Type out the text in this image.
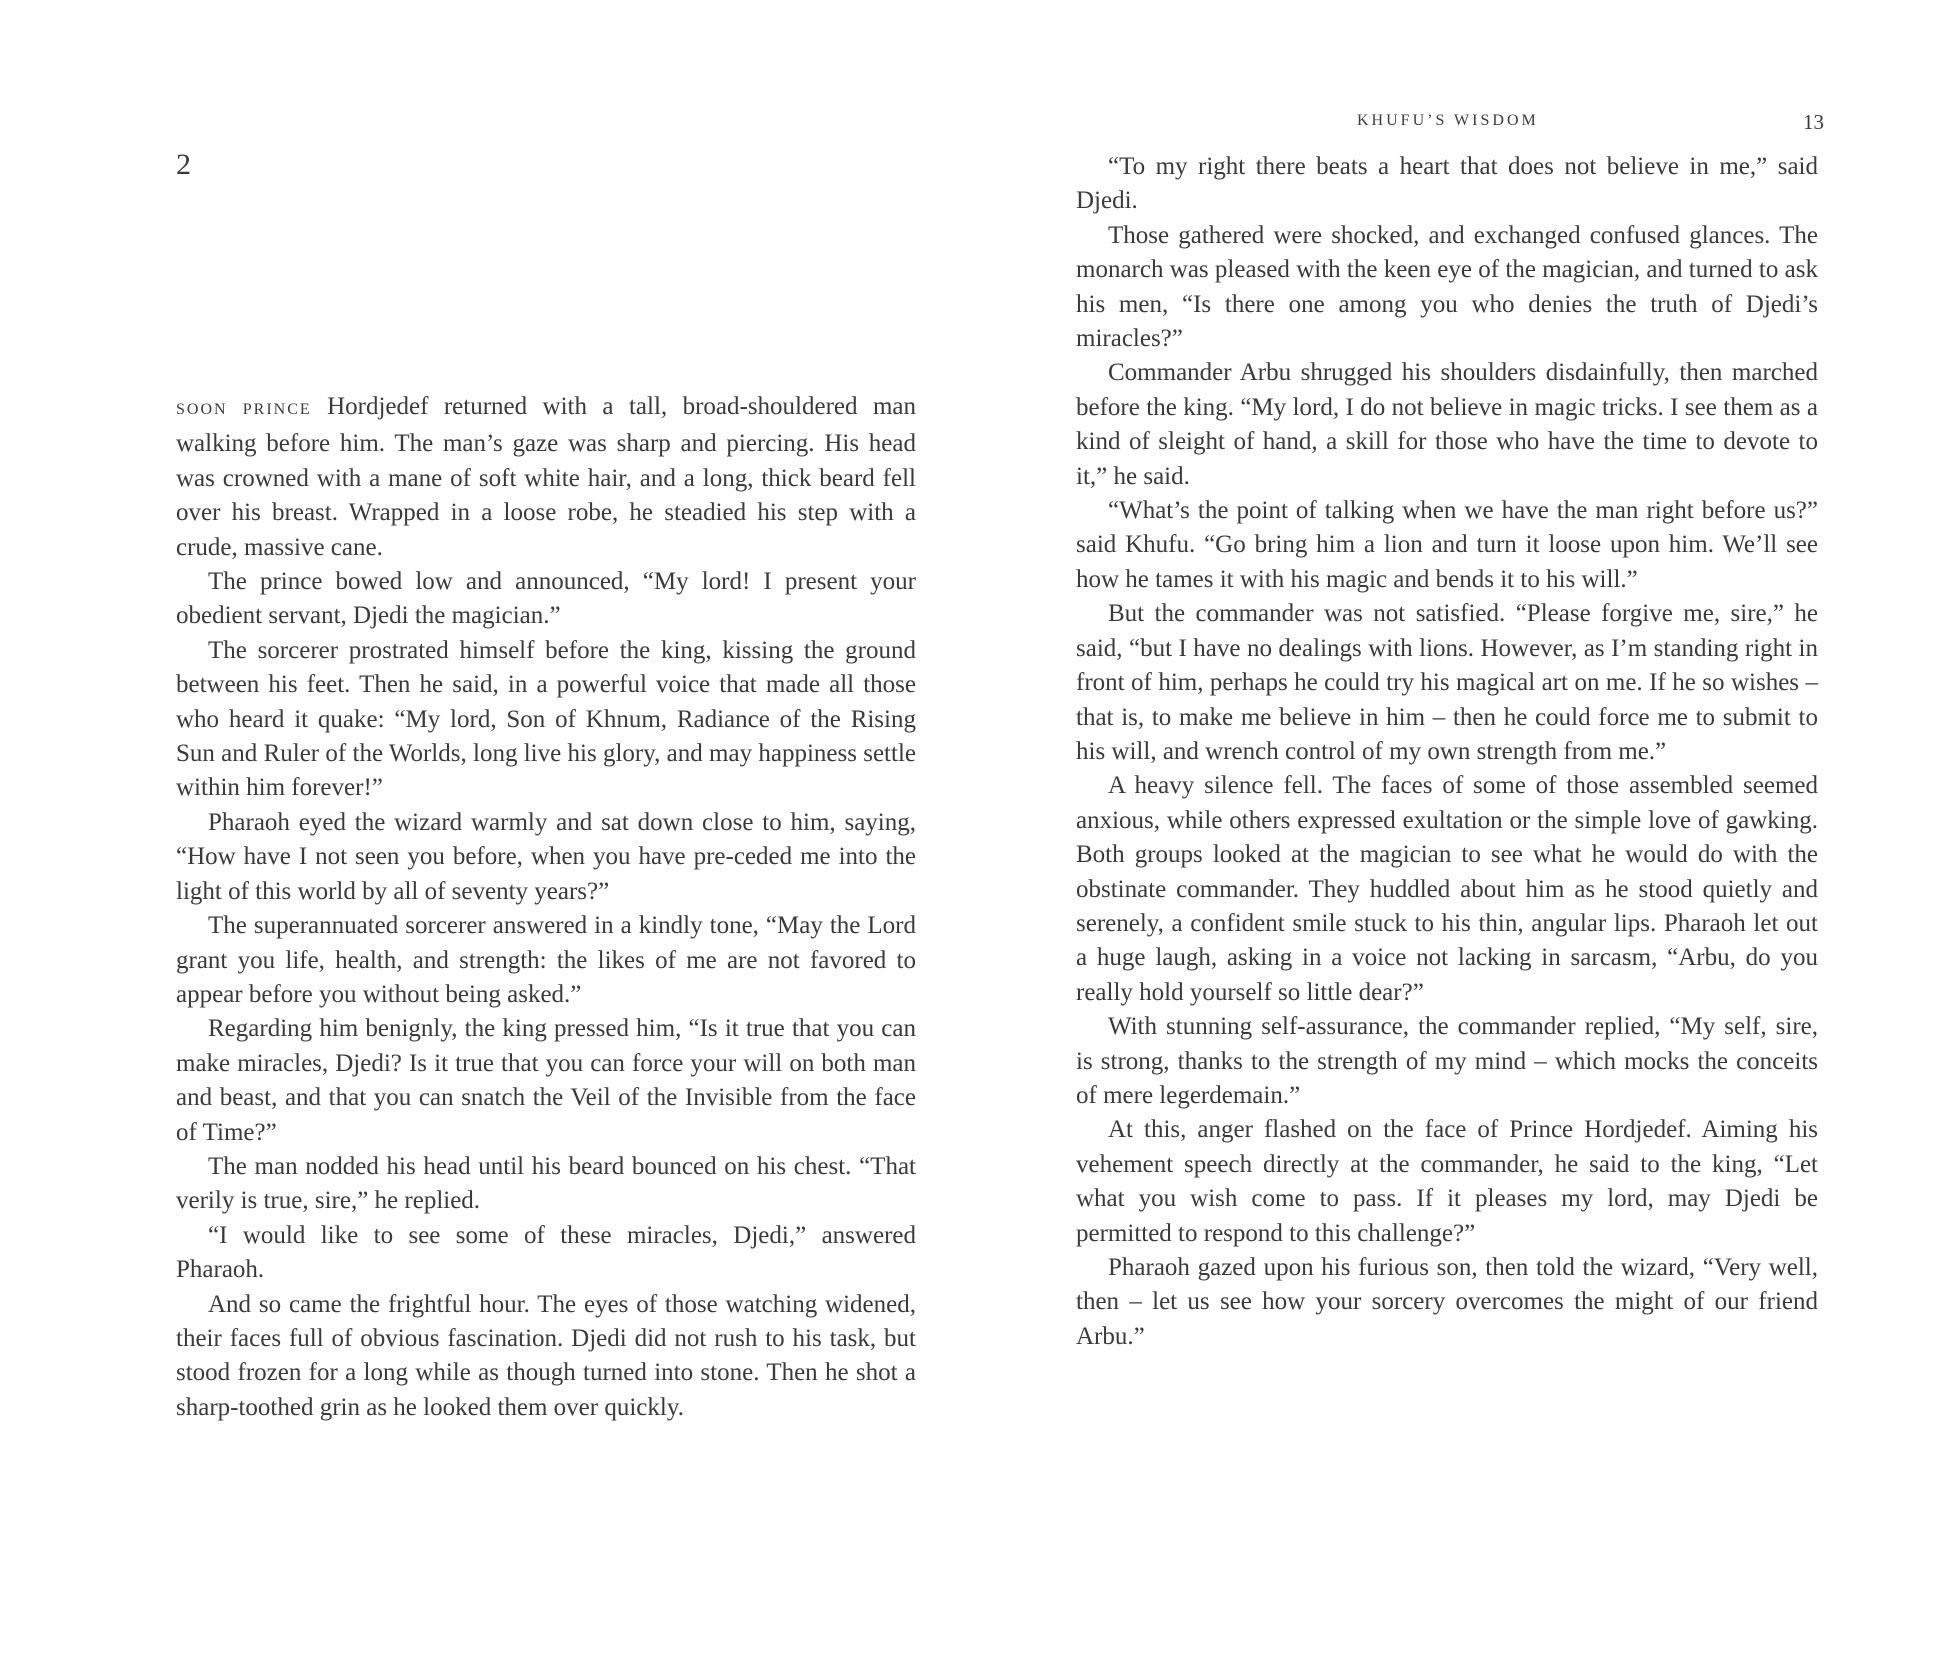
2

SOON PRINCE Hordjedef returned with a tall, broad-shouldered man walking before him. The man’s gaze was sharp and piercing. His head was crowned with a mane of soft white hair, and a long, thick beard fell over his breast. Wrapped in a loose robe, he steadied his step with a crude, massive cane.

The prince bowed low and announced, “My lord! I present your obedient servant, Djedi the magician.”

The sorcerer prostrated himself before the king, kissing the ground between his feet. Then he said, in a powerful voice that made all those who heard it quake: “My lord, Son of Khnum, Radiance of the Rising Sun and Ruler of the Worlds, long live his glory, and may happiness settle within him forever!”

Pharaoh eyed the wizard warmly and sat down close to him, saying, “How have I not seen you before, when you have pre-ceded me into the light of this world by all of seventy years?”

The superannuated sorcerer answered in a kindly tone, “May the Lord grant you life, health, and strength: the likes of me are not favored to appear before you without being asked.”

Regarding him benignly, the king pressed him, “Is it true that you can make miracles, Djedi? Is it true that you can force your will on both man and beast, and that you can snatch the Veil of the Invisible from the face of Time?”

The man nodded his head until his beard bounced on his chest. “That verily is true, sire,” he replied.

“I would like to see some of these miracles, Djedi,” answered Pharaoh.

And so came the frightful hour. The eyes of those watching widened, their faces full of obvious fascination. Djedi did not rush to his task, but stood frozen for a long while as though turned into stone. Then he shot a sharp-toothed grin as he looked them over quickly.

KHUFU’S WISDOM	13

“To my right there beats a heart that does not believe in me,” said Djedi.

Those gathered were shocked, and exchanged confused glances. The monarch was pleased with the keen eye of the magician, and turned to ask his men, “Is there one among you who denies the truth of Djedi’s miracles?”

Commander Arbu shrugged his shoulders disdainfully, then marched before the king. “My lord, I do not believe in magic tricks. I see them as a kind of sleight of hand, a skill for those who have the time to devote to it,” he said.

“What’s the point of talking when we have the man right before us?” said Khufu. “Go bring him a lion and turn it loose upon him. We’ll see how he tames it with his magic and bends it to his will.”

But the commander was not satisfied. “Please forgive me, sire,” he said, “but I have no dealings with lions. However, as I’m standing right in front of him, perhaps he could try his magical art on me. If he so wishes – that is, to make me believe in him – then he could force me to submit to his will, and wrench control of my own strength from me.”

A heavy silence fell. The faces of some of those assembled seemed anxious, while others expressed exultation or the simple love of gawking. Both groups looked at the magician to see what he would do with the obstinate commander. They huddled about him as he stood quietly and serenely, a confident smile stuck to his thin, angular lips. Pharaoh let out a huge laugh, asking in a voice not lacking in sarcasm, “Arbu, do you really hold yourself so little dear?”

With stunning self-assurance, the commander replied, “My self, sire, is strong, thanks to the strength of my mind – which mocks the conceits of mere legerdemain.”

At this, anger flashed on the face of Prince Hordjedef. Aiming his vehement speech directly at the commander, he said to the king, “Let what you wish come to pass. If it pleases my lord, may Djedi be permitted to respond to this challenge?”

Pharaoh gazed upon his furious son, then told the wizard, “Very well, then – let us see how your sorcery overcomes the might of our friend Arbu.”
